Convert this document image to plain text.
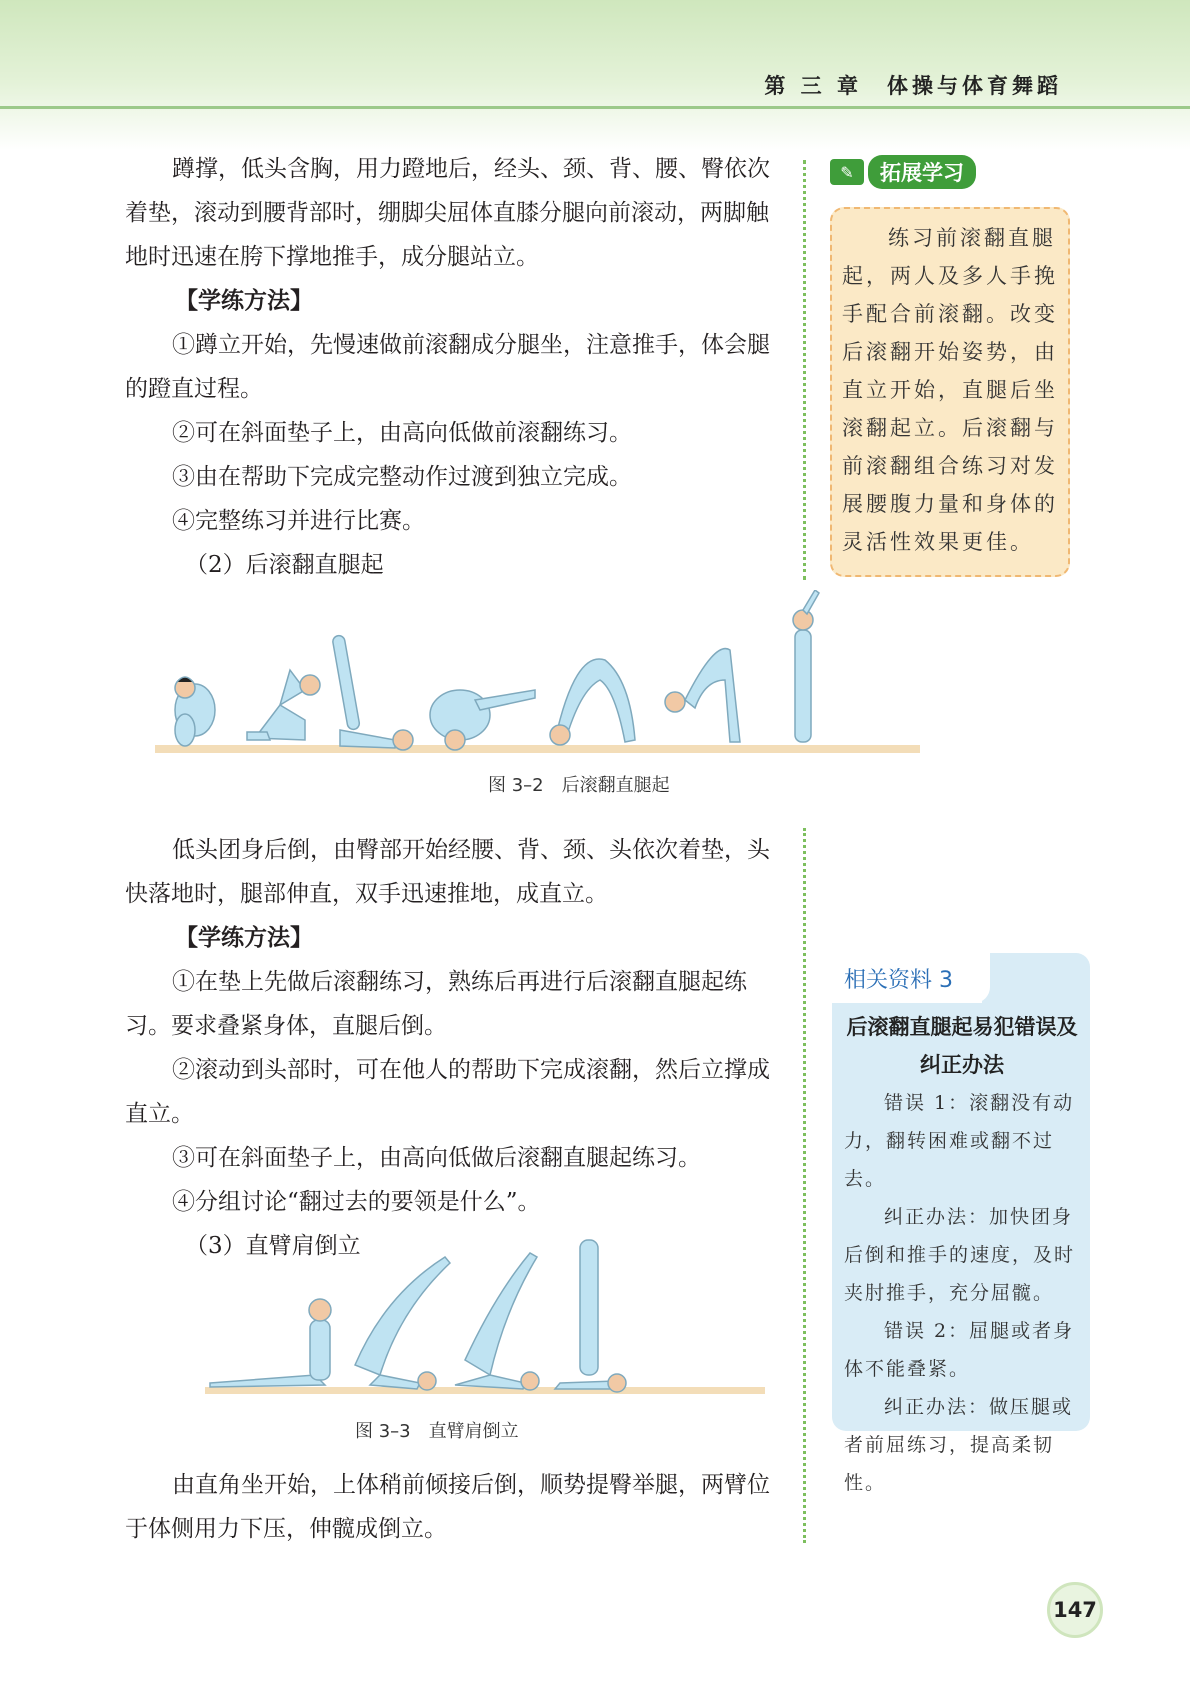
第 三 章　体操与体育舞蹈

蹲撑，低头含胸，用力蹬地后，经头、颈、背、腰、臀依次着垫，滚动到腰背部时，绷脚尖屈体直膝分腿向前滚动，两脚触地时迅速在胯下撑地推手，成分腿站立。

【学练方法】

①蹲立开始，先慢速做前滚翻成分腿坐，注意推手，体会腿的蹬直过程。

②可在斜面垫子上，由高向低做前滚翻练习。

③由在帮助下完成完整动作过渡到独立完成。

④完整练习并进行比赛。

（2）后滚翻直腿起

✎	拓展学习

练习前滚翻直腿起，两人及多人手挽手配合前滚翻。改变后滚翻开始姿势，由直立开始，直腿后坐滚翻起立。后滚翻与前滚翻组合练习对发展腰腹力量和身体的灵活性效果更佳。

图 3–2　后滚翻直腿起

低头团身后倒，由臀部开始经腰、背、颈、头依次着垫，头快落地时，腿部伸直，双手迅速推地，成直立。

【学练方法】

①在垫上先做后滚翻练习，熟练后再进行后滚翻直腿起练习。要求叠紧身体，直腿后倒。

②滚动到头部时，可在他人的帮助下完成滚翻，然后立撑成直立。

③可在斜面垫子上，由高向低做后滚翻直腿起练习。

④分组讨论“翻过去的要领是什么”。

（3）直臂肩倒立

后滚翻直腿起易犯错误及纠正办法

错误 1：滚翻没有动力，翻转困难或翻不过去。

纠正办法：加快团身后倒和推手的速度，及时夹肘推手，充分屈髋。

错误 2：屈腿或者身体不能叠紧。

纠正办法：做压腿或者前屈练习，提高柔韧性。

相关资料 3
图 3–3　直臂肩倒立

由直角坐开始，上体稍前倾接后倒，顺势提臀举腿，两臂位于体侧用力下压，伸髋成倒立。

147
